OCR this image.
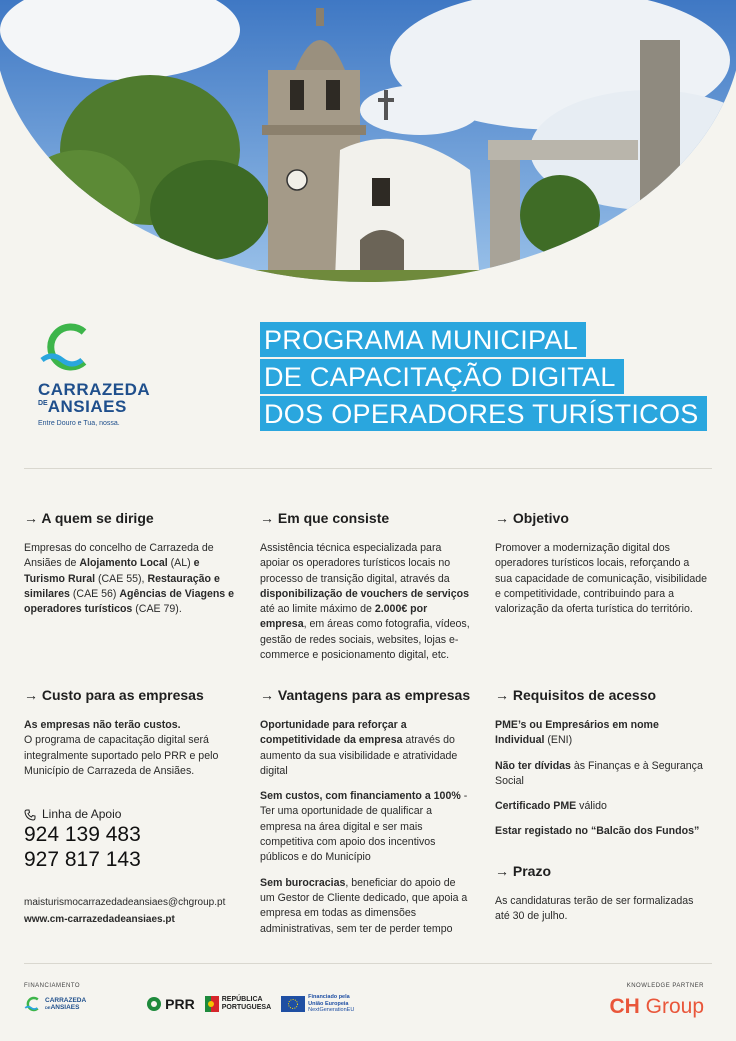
CARRAZEDA
DEANSIAES
Entre Douro e Tua, nossa.
PROGRAMA MUNICIPAL
DE CAPACITAÇÃO DIGITAL
DOS OPERADORES TURÍSTICOS
→ A quem se dirige

Empresas do concelho de Carrazeda de Ansiães de Alojamento Local (AL) e Turismo Rural (CAE 55), Restauração e similares (CAE 56) Agências de Viagens e operadores turísticos (CAE 79).

→ Em que consiste

Assistência técnica especializada para apoiar os operadores turísticos locais no processo de transição digital, através da disponibilização de vouchers de serviços até ao limite máximo de 2.000€ por empresa, em áreas como fotografia, vídeos, gestão de redes sociais, websites, lojas e-commerce e posicionamento digital, etc.

→ Objetivo

Promover a modernização digital dos operadores turísticos locais, reforçando a sua capacidade de comunicação, visibilidade e competitividade, contribuindo para a valorização da oferta turística do território.

→ Custo para as empresas
As empresas não terão custos.
O programa de capacitação digital será integralmente suportado pelo PRR e pelo Município de Carrazeda de Ansiães.
Linha de Apoio
924 139 483
927 817 143
maisturismocarrazedadeansiaes@chgroup.pt
www.cm-carrazedadeansiaes.pt
→ Vantagens para as empresas

Oportunidade para reforçar a competitividade da empresa através do aumento da sua visibilidade e atratividade digital

Sem custos, com financiamento a 100% - Ter uma oportunidade de qualificar a empresa na área digital e ser mais competitiva com apoio dos incentivos públicos e do Município

Sem burocracias, beneficiar do apoio de um Gestor de Cliente dedicado, que apoia a empresa em todas as dimensões administrativas, sem ter de perder tempo

→ Requisitos de acesso

PME’s ou Empresários em nome Individual (ENI)

Não ter dívidas às Finanças e à Segurança Social

Certificado PME válido

Estar registado no “Balcão dos Fundos”

→ Prazo

As candidaturas terão de ser formalizadas até 30 de julho.

FINANCIAMENTO	KNOWLEDGE PARTNER
CARRAZEDA
DEANSIAES	PRR	REPÚBLICA
PORTUGUESA
Financiado pela
União Europeia
NextGenerationEU	CH Group
